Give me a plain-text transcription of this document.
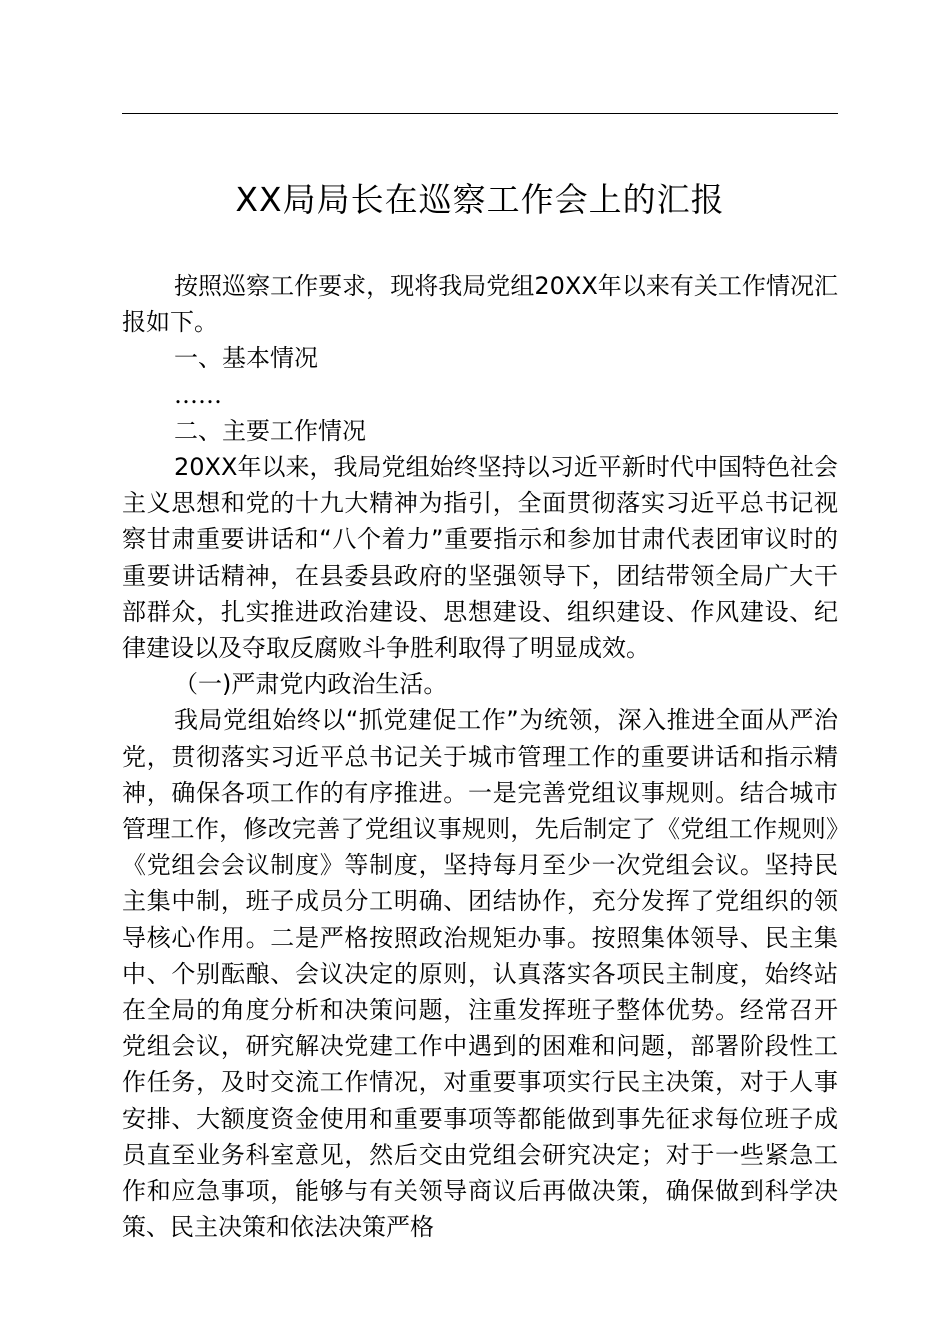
XX局局长在巡察工作会上的汇报

按照巡察工作要求，现将我局党组20XX年以来有关工作情况汇报如下。

一、基本情况

……

二、主要工作情况

20XX年以来，我局党组始终坚持以习近平新时代中国特色社会主义思想和党的十九大精神为指引，全面贯彻落实习近平总书记视察甘肃重要讲话和“八个着力”重要指示和参加甘肃代表团审议时的重要讲话精神，在县委县政府的坚强领导下，团结带领全局广大干部群众，扎实推进政治建设、思想建设、组织建设、作风建设、纪律建设以及夺取反腐败斗争胜利取得了明显成效。

（一)严肃党内政治生活。

我局党组始终以“抓党建促工作”为统领，深入推进全面从严治党，贯彻落实习近平总书记关于城市管理工作的重要讲话和指示精神，确保各项工作的有序推进。一是完善党组议事规则。结合城市管理工作，修改完善了党组议事规则，先后制定了《党组工作规则》《党组会会议制度》等制度，坚持每月至少一次党组会议。坚持民主集中制，班子成员分工明确、团结协作，充分发挥了党组织的领导核心作用。二是严格按照政治规矩办事。按照集体领导、民主集中、个别酝酿、会议决定的原则，认真落实各项民主制度，始终站在全局的角度分析和决策问题，注重发挥班子整体优势。经常召开党组会议，研究解决党建工作中遇到的困难和问题，部署阶段性工作任务，及时交流工作情况，对重要事项实行民主决策，对于人事安排、大额度资金使用和重要事项等都能做到事先征求每位班子成员直至业务科室意见，然后交由党组会研究决定；对于一些紧急工作和应急事项，能够与有关领导商议后再做决策，确保做到科学决策、民主决策和依法决策严格
